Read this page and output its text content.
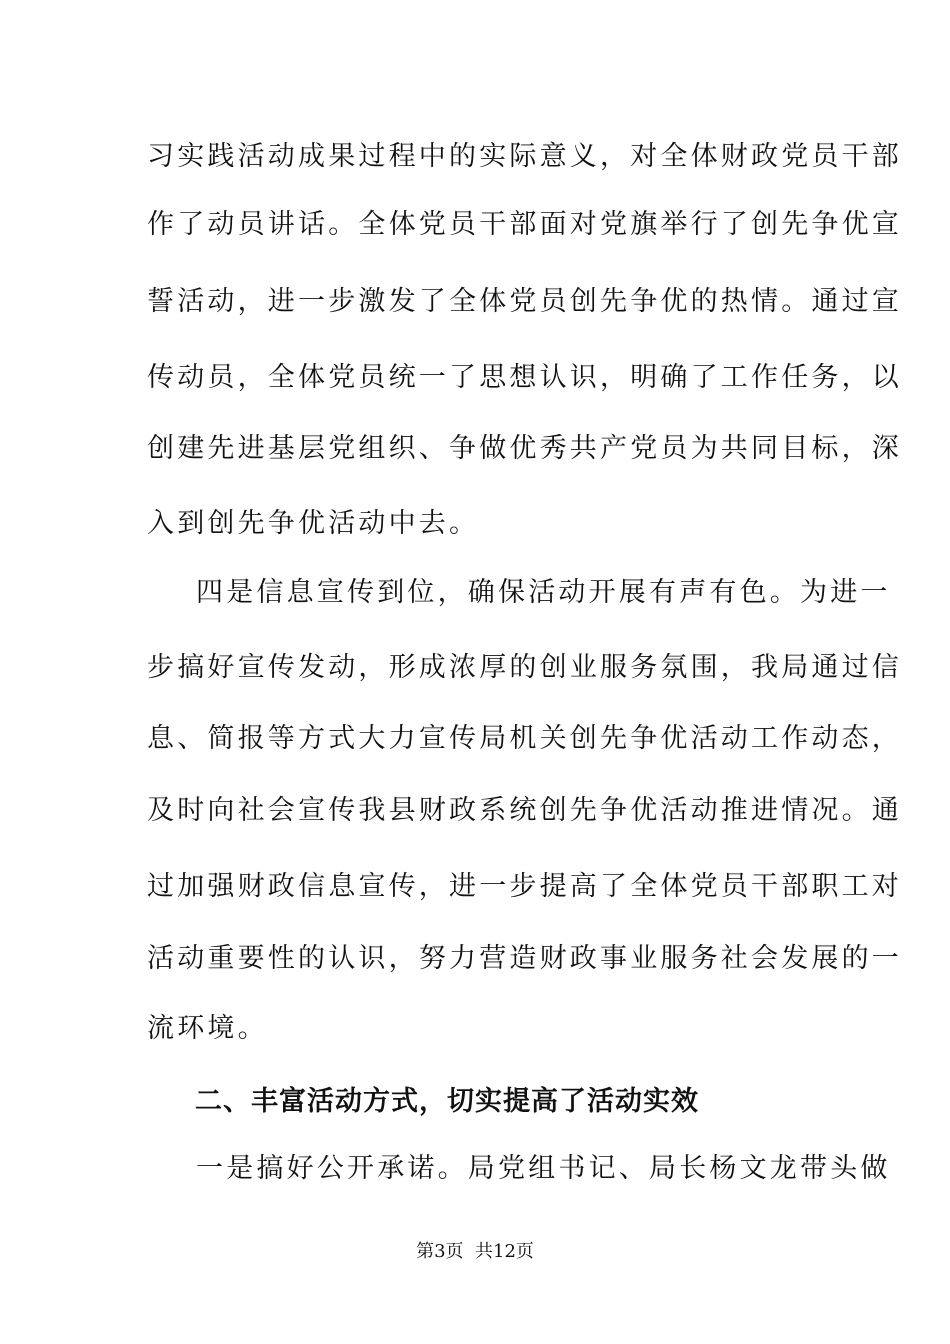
习实践活动成果过程中的实际意义，对全体财政党员干部
作了动员讲话。全体党员干部面对党旗举行了创先争优宣
誓活动，进一步激发了全体党员创先争优的热情。通过宣
传动员，全体党员统一了思想认识，明确了工作任务，以
创建先进基层党组织、争做优秀共产党员为共同目标，深
入到创先争优活动中去。
四是信息宣传到位，确保活动开展有声有色。为进一
步搞好宣传发动，形成浓厚的创业服务氛围，我局通过信
息、简报等方式大力宣传局机关创先争优活动工作动态，
及时向社会宣传我县财政系统创先争优活动推进情况。通
过加强财政信息宣传，进一步提高了全体党员干部职工对
活动重要性的认识，努力营造财政事业服务社会发展的一
流环境。
二、丰富活动方式，切实提高了活动实效
一是搞好公开承诺。局党组书记、局长杨文龙带头做
第3页  共12页
